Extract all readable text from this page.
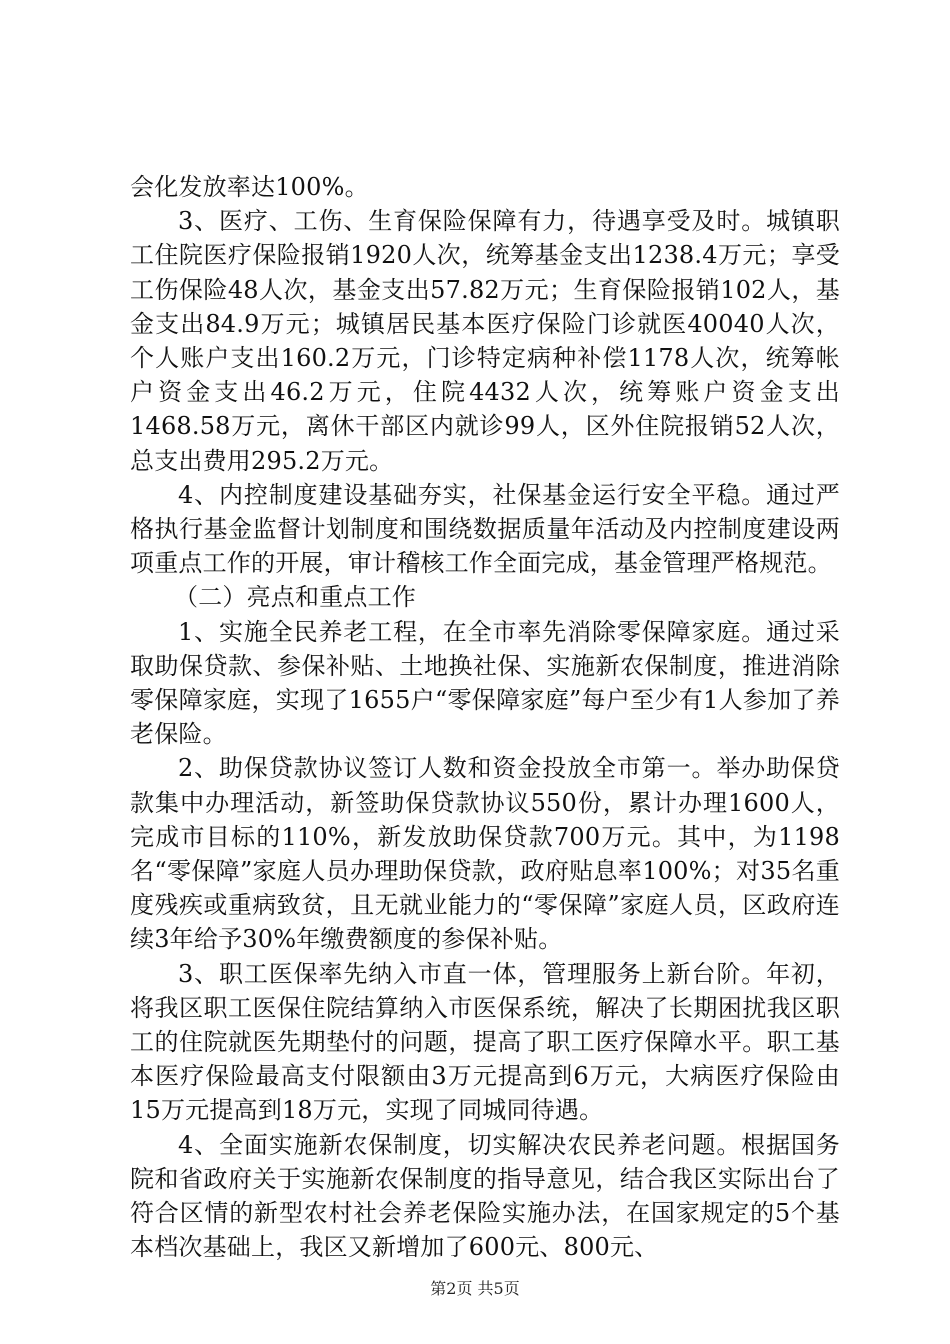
会化发放率达100%。

3、医疗、工伤、生育保险保障有力，待遇享受及时。城镇职工住院医疗保险报销1920人次，统筹基金支出1238.4万元；享受工伤保险48人次，基金支出57.82万元；生育保险报销102人，基金支出84.9万元；城镇居民基本医疗保险门诊就医40040人次，个人账户支出160.2万元，门诊特定病种补偿1178人次，统筹帐户资金支出46.2万元，住院4432人次，统筹账户资金支出1468.58万元，离休干部区内就诊99人，区外住院报销52人次，总支出费用295.2万元。

4、内控制度建设基础夯实，社保基金运行安全平稳。通过严格执行基金监督计划制度和围绕数据质量年活动及内控制度建设两项重点工作的开展，审计稽核工作全面完成，基金管理严格规范。

（二）亮点和重点工作

1、实施全民养老工程，在全市率先消除零保障家庭。通过采取助保贷款、参保补贴、土地换社保、实施新农保制度，推进消除零保障家庭，实现了1655户“零保障家庭”每户至少有1人参加了养老保险。

2、助保贷款协议签订人数和资金投放全市第一。举办助保贷款集中办理活动，新签助保贷款协议550份，累计办理1600人，完成市目标的110%，新发放助保贷款700万元。其中，为1198名“零保障”家庭人员办理助保贷款，政府贴息率100%；对35名重度残疾或重病致贫，且无就业能力的“零保障”家庭人员，区政府连续3年给予30%年缴费额度的参保补贴。

3、职工医保率先纳入市直一体，管理服务上新台阶。年初，将我区职工医保住院结算纳入市医保系统，解决了长期困扰我区职工的住院就医先期垫付的问题，提高了职工医疗保障水平。职工基本医疗保险最高支付限额由3万元提高到6万元，大病医疗保险由15万元提高到18万元，实现了同城同待遇。

4、全面实施新农保制度，切实解决农民养老问题。根据国务院和省政府关于实施新农保制度的指导意见，结合我区实际出台了符合区情的新型农村社会养老保险实施办法，在国家规定的5个基本档次基础上，我区又新增加了600元、800元、

第2页 共5页
